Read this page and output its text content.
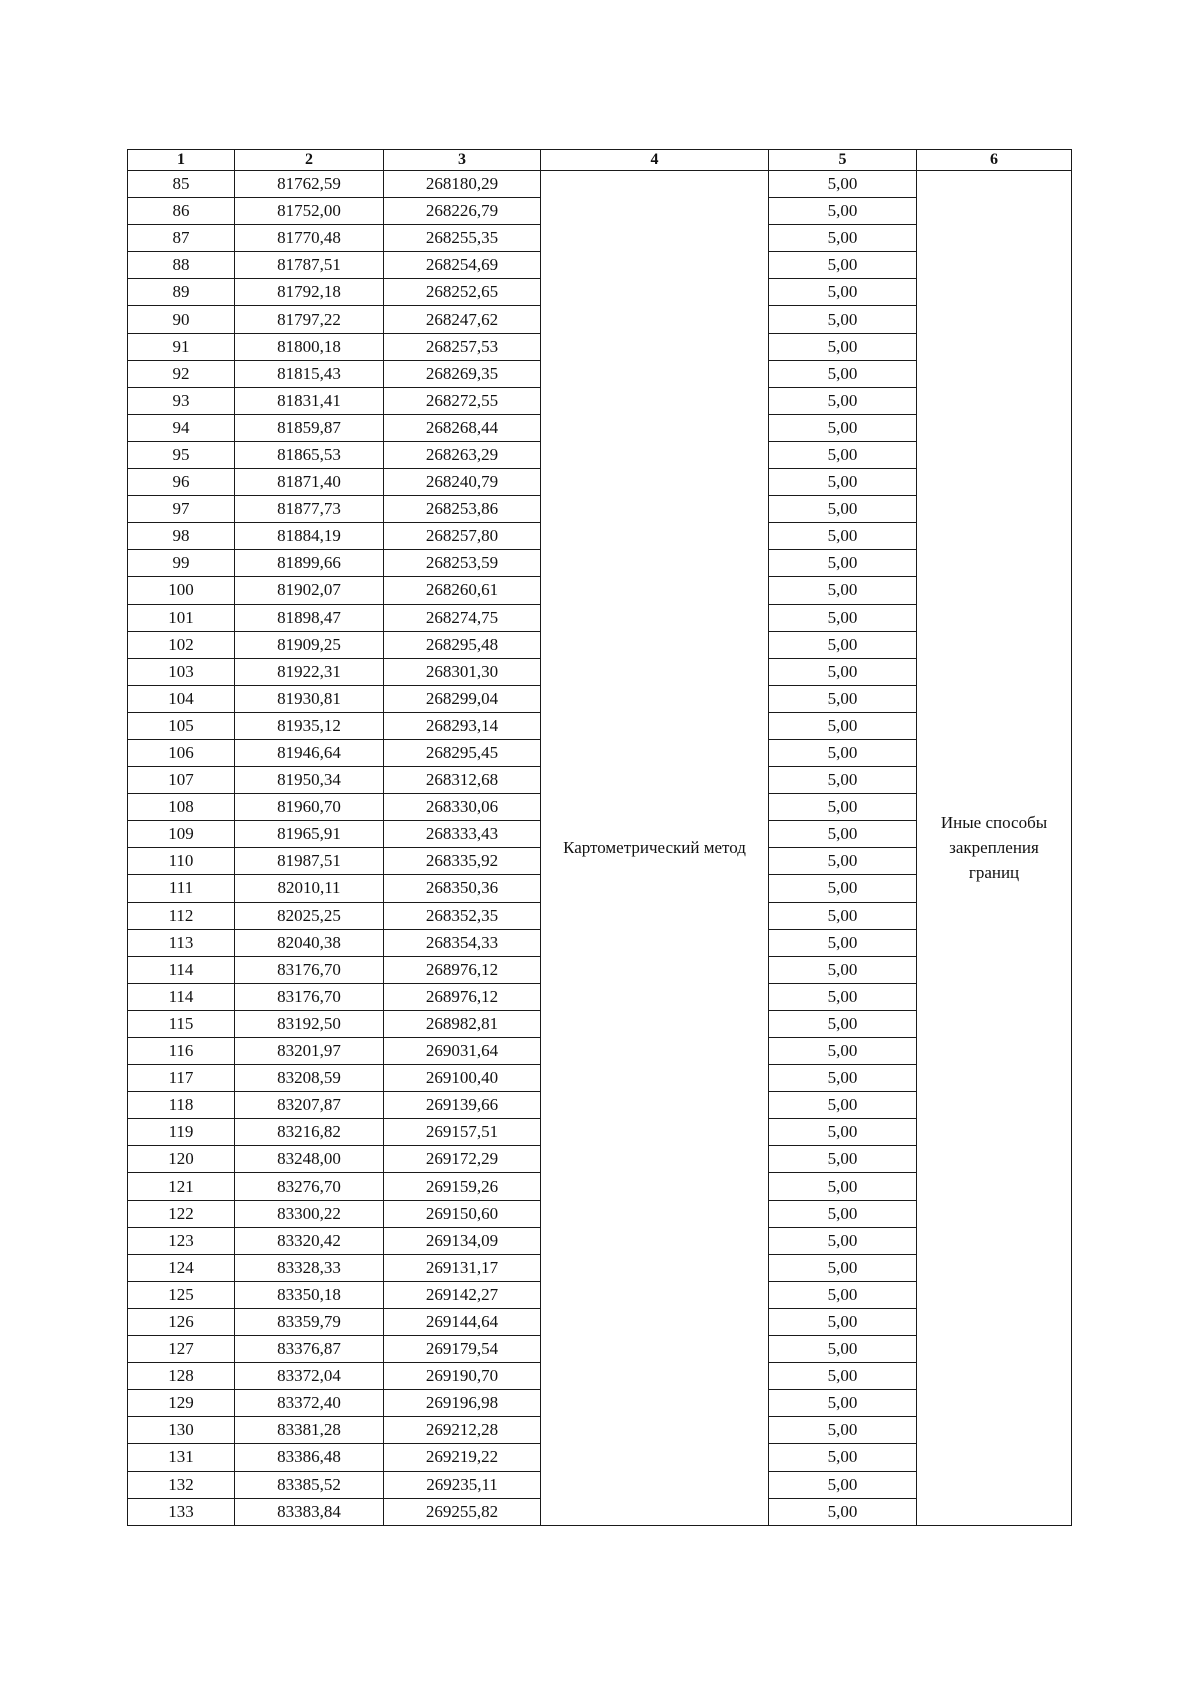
1	2	3	4	5	6
85	81762,59	268180,29	Картометрический метод	5,00	Иные способы закрепления границ
86	81752,00	268226,79		5,00	
87	81770,48	268255,35		5,00	
88	81787,51	268254,69		5,00	
89	81792,18	268252,65		5,00	
90	81797,22	268247,62		5,00	
91	81800,18	268257,53		5,00	
92	81815,43	268269,35		5,00	
93	81831,41	268272,55		5,00	
94	81859,87	268268,44		5,00	
95	81865,53	268263,29		5,00	
96	81871,40	268240,79		5,00	
97	81877,73	268253,86		5,00	
98	81884,19	268257,80		5,00	
99	81899,66	268253,59		5,00	
100	81902,07	268260,61		5,00	
101	81898,47	268274,75		5,00	
102	81909,25	268295,48		5,00	
103	81922,31	268301,30		5,00	
104	81930,81	268299,04		5,00	
105	81935,12	268293,14		5,00	
106	81946,64	268295,45		5,00	
107	81950,34	268312,68		5,00	
108	81960,70	268330,06		5,00	
109	81965,91	268333,43		5,00	
110	81987,51	268335,92		5,00	
111	82010,11	268350,36		5,00	
112	82025,25	268352,35		5,00	
113	82040,38	268354,33		5,00	
114	83176,70	268976,12		5,00	
114	83176,70	268976,12		5,00	
115	83192,50	268982,81		5,00	
116	83201,97	269031,64		5,00	
117	83208,59	269100,40		5,00	
118	83207,87	269139,66		5,00	
119	83216,82	269157,51		5,00	
120	83248,00	269172,29		5,00	
121	83276,70	269159,26		5,00	
122	83300,22	269150,60		5,00	
123	83320,42	269134,09		5,00	
124	83328,33	269131,17		5,00	
125	83350,18	269142,27		5,00	
126	83359,79	269144,64		5,00	
127	83376,87	269179,54		5,00	
128	83372,04	269190,70		5,00	
129	83372,40	269196,98		5,00	
130	83381,28	269212,28		5,00	
131	83386,48	269219,22		5,00	
132	83385,52	269235,11		5,00	
133	83383,84	269255,82		5,00	
